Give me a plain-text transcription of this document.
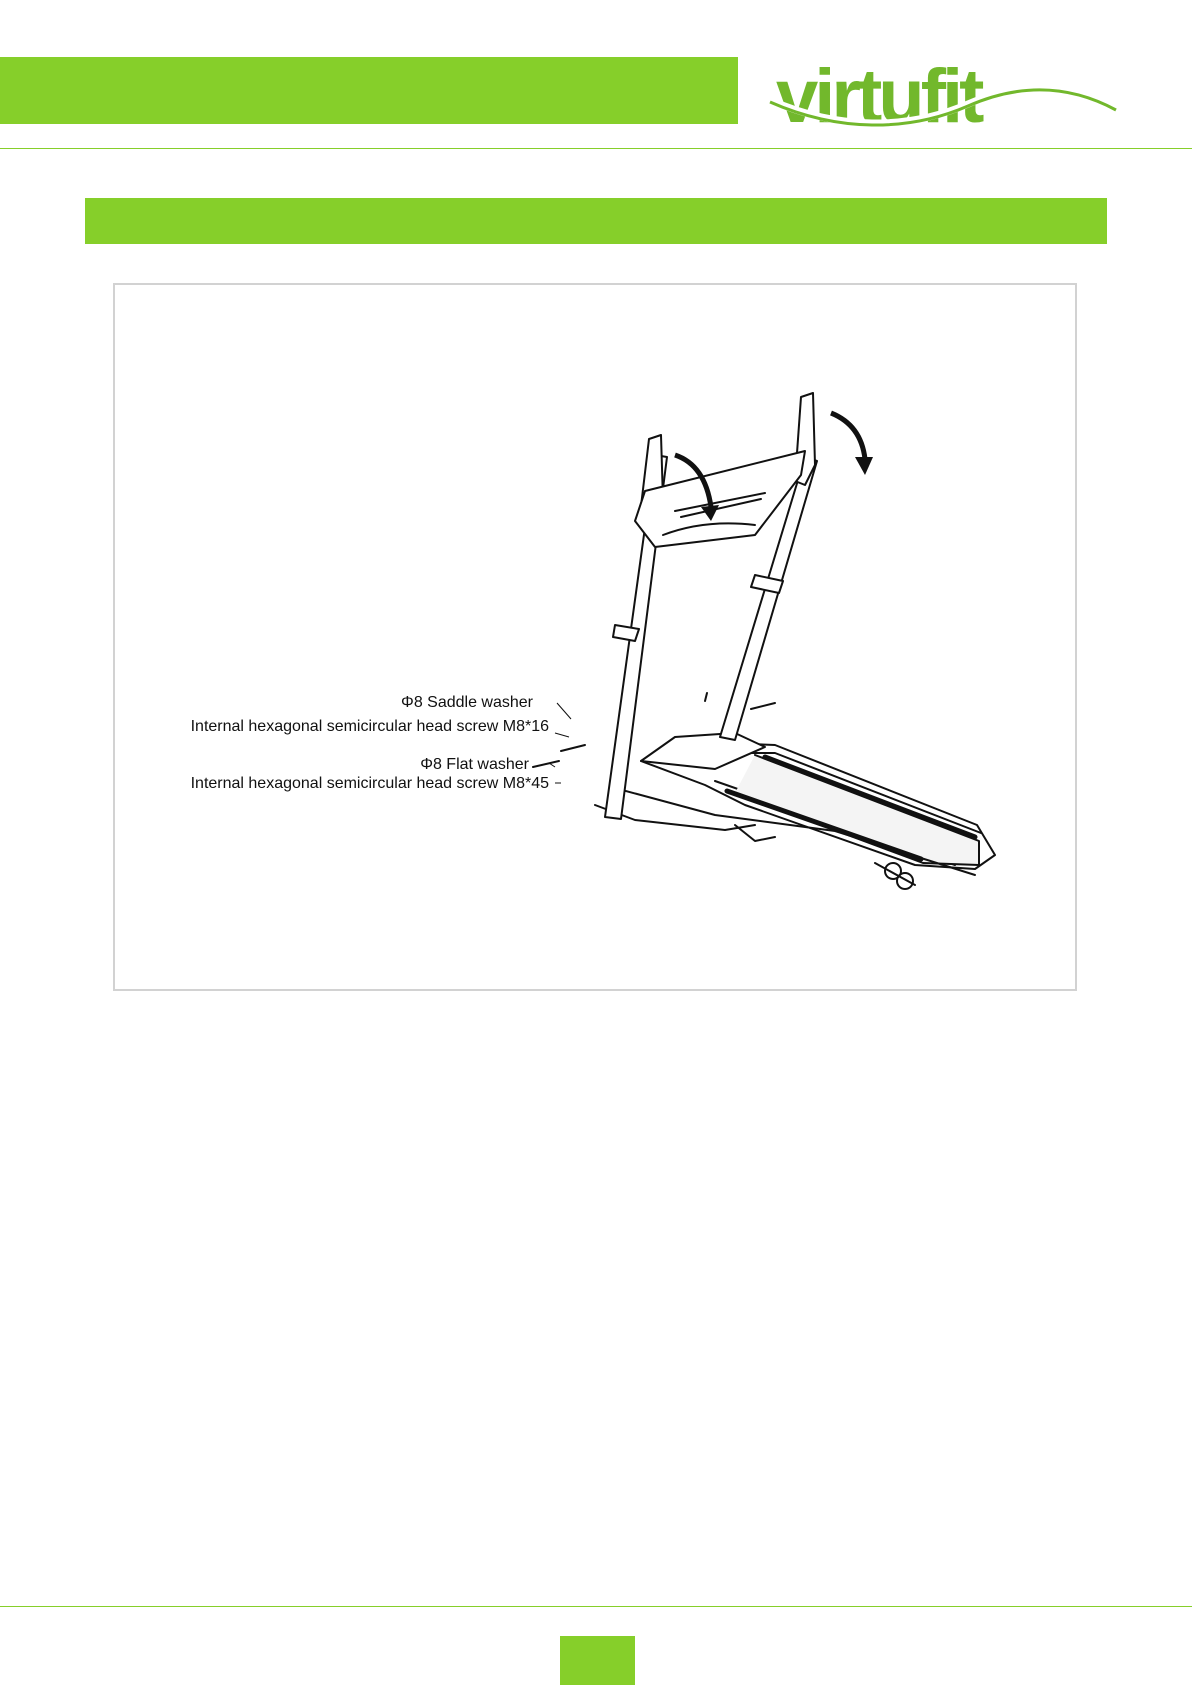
virtufit
Φ8 Saddle washer
Internal hexagonal semicircular head screw M8*16
Φ8 Flat washer
Internal hexagonal semicircular head screw M8*45
